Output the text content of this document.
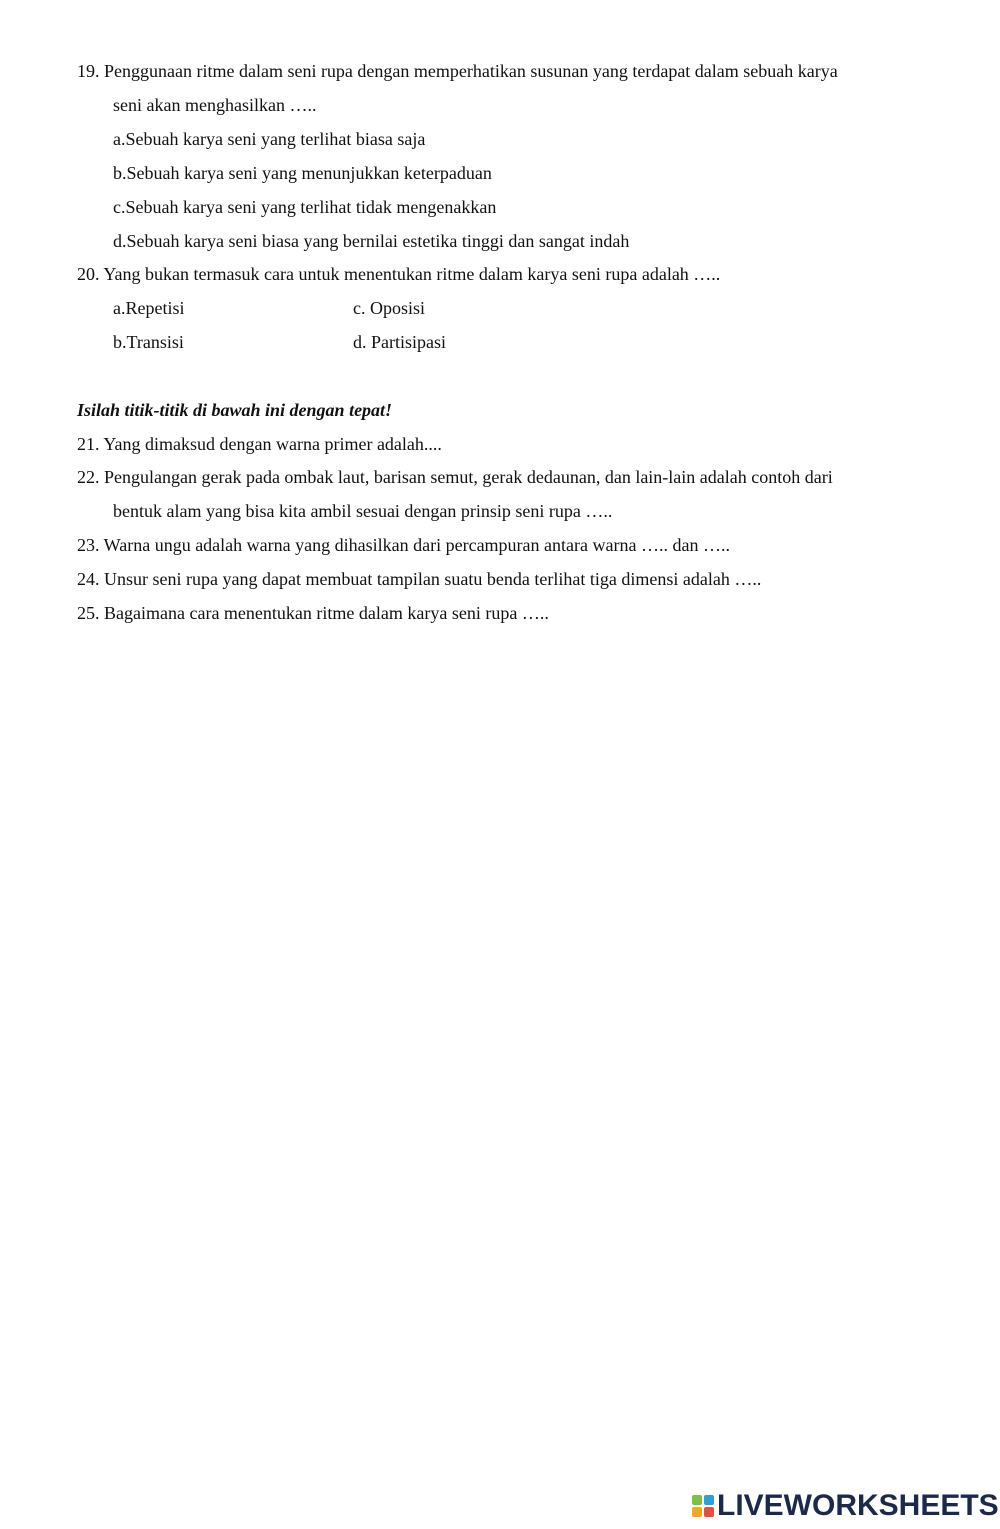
19. Penggunaan ritme dalam seni rupa dengan memperhatikan susunan yang terdapat dalam sebuah karya
seni akan menghasilkan …..
a.Sebuah karya seni yang terlihat biasa saja
b.Sebuah karya seni yang menunjukkan keterpaduan
c.Sebuah karya seni yang terlihat tidak mengenakkan
d.Sebuah karya seni biasa yang bernilai estetika tinggi dan sangat indah
20. Yang bukan termasuk cara untuk menentukan ritme dalam karya seni rupa adalah …..
a.Repetisi	c. Oposisi
b.Transisi	d. Partisipasi
Isilah titik-titik di bawah ini dengan tepat!
21. Yang dimaksud dengan warna primer adalah....
22. Pengulangan gerak pada ombak laut, barisan semut, gerak dedaunan, dan lain-lain adalah contoh dari
bentuk alam yang bisa kita ambil sesuai dengan prinsip seni rupa …..
23. Warna ungu adalah warna yang dihasilkan dari percampuran antara warna ….. dan …..
24. Unsur seni rupa yang dapat membuat tampilan suatu benda terlihat tiga dimensi adalah …..
25. Bagaimana cara menentukan ritme dalam karya seni rupa …..
LIVEWORKSHEETS
